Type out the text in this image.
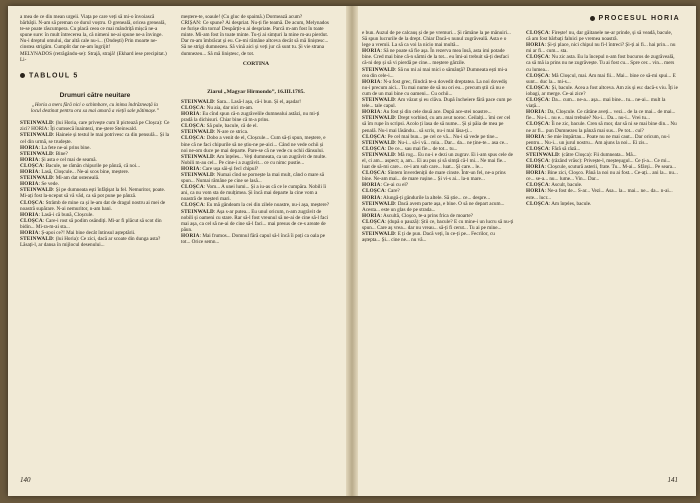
a mea de ce din mean urgeii. Viața pe care veți să mi-o învoiască bărbății. N-am să preman ce durul voștru. O greneală, oricea greneală, te-se poate răscumpera. Cu placă ceea ce mai mândriță mișcă ne-a spune sure: în mult întrecerea la, că nimeni ne-ai spune ne-a învinge. Nu-i dreptul omului, dar altă cale nu-i... (Ondești) Prin moarte ne-cinstea strigăm. Cumplit dar ne-am îngrijit!

MELYNADOS (retrăgându-se): Strajă, strajă! (Ekhard iese precipitat.) Li-

TABLOUL 5
Drumuri către neuitare
„Horia a mers fără nici o schimbare, cu inima îndrăzneață la locul destinat pentru ora sa mai amară a vieții sale pătimașe.”

STEINWALD: (lui Horia, care privește cum îl pictează pe Cloșca): Ce zici? HORIA: Îți cumsecă înaintezi, me-ștere Steinwald.

STEINWALD: Haineie și testul le mai potrivesc ca din pensulă... Și la cel din urmă, se trudește.

HORIA: La fete ne-ai prins bine.

STEINWALD: Bine?

HORIA: Și asta e cel mai de seamă.

CLOȘCA: Bacule, ne rămân chipurile pe pânză, că noi...

HORIA: Lasă, Cloșcule... Ne-ai scos bine, meștere.

STEINWALD: Mi-am dat osteneală.

HORIA: Se vede.

STEINWALD: Și pe dumneata ești înfățișat la fel. Nemuritor, poate. Mi-ați fost la-nceput să vă văd, ca să pot pune pe pânză.

CLOȘCA: Strâmb de mine ca și le-am dat de dragul nostru ai mei de noastră supărare. N-ai nemuritor, n-am bani.

HORIA: Lasă-i că bună, Cloșcule.

CLOȘCA: Care-i rost să podim osândiți. Mi-ar fi plăcut să scot din bidin... Mi-ra-m-ai sta...

HORIA: Ș-apoi ce?! Mai bine decât întinsul așteptării.

STEINWALD: (lui Horia): Ce zici, dacă ar scoate din dunga asta? Lăsați-l, ar dansa în mijlocul desenului...

meștere-te, soaule! (Cu gluc de spaimă.) Dormează acum?

CRIȘAN: Ce spune? Ai despriat. Nu-ți fie teamă. De acum, Melynados ne furișe din torna! Despărțit-u ai despriate. Parcă m-am fost în toate minte. Mi-am fost în toate minte. Tu-ți ai simțuri la mine m-au pierdut. Dar m-am îmbrăcat și eu. Ce-mi rămâne altceva decât să mă liniștesc... Să ne strigi dumnezeu. Să vină aici și veți jur că sunt tu. Și vie strana dumnezeu... Să mă liniștesc, de tot.

CORTINA
Ziarul „Magyar Hirmondo”, 16.III.1785.

STEINWALD: Sara... Lasă-l așa, că-i bun. Și el, așadar!

CLOȘCA: Nu aia, dar nici m-am.

HORIA: Eu cînd spun că-n zugrăvelile dumnealui astăzi, nu mi-ți pradă la dichisuri. Chiar bine că m-a prins.

CLOȘCA: Să pule, bacule, că de el.

STEINWALD: N-are ce strica.

CLOȘCA: Dobo a venit de el, Cloșcule... Cum să-ți spun, meștere, e bine că ne faci chipurile să ne știu-ne pe-aici... Când ne vede ochii și noi ne-om duce pe mai departe. Pare-se că ne vede cu ochii dânsului.

STEINWALD: Am înțeles... Veți dumneata, ca un zugrăvit de multe. Nobili m-au cel... Pe cine-i a zugrăvit... ce cu nimc pustie...

HORIA: Care ușa săi-și fecl chipul?

STEINWALD: Numai cînd se pornește la mai mult, când o mare să spun... Numai rămâne pe cine se lasă...

CLOȘCA: Vom... A unei lumi... Și a iu-as că ce le cumpăra. Nobili îi ani, ca nu vom sta de mulțimea. Și încă mai departe la cine vom a noastră de meșteri mari.

CLOȘCA: Eu mă gândeam la cei din zilele noastre, nu-i așa, meștere?

STEINWALD: Așa s-ar putea... Eu unul oricum, n-am zugrăvit de nobili și oameni cu stare. Rar să-l fost vreunul să ne-ai de cine să-l faci mai așa, ca cel să ne-ai de cine să-l faci... mai presus de ce-s areate de păun.

HORIA: Mai frumos... Domnul fără capul să-l încă îi poți ca oala pe tot... Orice semn...

140
PROCESUL HORIA

e bun. Auzul de pe calcauș și de pe vremuri... Și rămâne la pe mânuiri... Să spun lucrurile de la drept. Chiar Dacă-s nunul zugrăveală. Asta e o lege a vremii. La să ca voi la nicio mai multă...

HORIA: Să ne poate să fie așa. În rezerva mea însă, asta imi potade bine. Cred mai bine că-n sărmi de la tot... eu îmi-ai trebuit să-ți desfaci că-ni dep și să vi pierdă pe cine... meștere gărzile.

STEINWALD: Să nu mi ai mai mici o sămânță? Dumneata ești mi-a cea din cele-i...

HORIA: N-a fost grec, fiindcă te-a dovedit dreptatea. La noi dovediș nu-i precum aici... Tu mai nume de să nu ori eu... precum știi că nu e cum de un mai bine cu oameni... Cu ochii...

STEINWALD: Am văzut și eu clăva. După încheiere fără pace cum pe tele... tale capul.

HORIA: Au fost și din cele două ace. După ace-stei noastre...

STEINWALD: Drept vorbind, cu am avut noroc. Ceilalți... îmi cer cel să îm rupe în scripsi. Acolo ți lasa de să nume... Și și păia de mea pe penală. Nu-i mai lăsându... să scris, nu-i mai lăsa-ți...

CLOȘCA: Pe cel mai bun... pe cel ce vă... Nu-i să vede pe tine...

STEINWALD: Nu-i... să-i vă... mia... Dar... da... ne ține-te... asa ce...

CLOȘCA: De ce... sau mai fie... de tot... tu...

STEINWALD: Mă rog... Eu nu-i e dezi un zugrav. Ei i-am spus cele de el, ci am... aspect; a, am... Ei au pus și să simță că-l mi... Ne mai fie... luat de să-mi care... ce-i am sub care... luat... Și care... le...

CLOȘCA: Sîntem înverdeniții de mare cinste. Într-un fel, ne-a prins bine. Ne-am mai... de mare rușine... Și vi-s ai... la-n mare...

HORIA: Ce-ai cu el?

CLOȘCA: Care?

HORIA: Alungă-ți gândurile la altele. Să știe... ce... despre...

STEINWALD: Dacă avem parte așa, e bine. O să ne depart acum... Acesta... este un glas de pe strada...

HORIA: Ascultă, Cloșco, te-a prins frica de moarte?

CLOȘCA: (după o pauză): Știi ce, bacule? E cu mine-i un lucru să nu-ți spun... Care aș vrea... dar nu vreau... să-ți fi cerut... Tu ai pe mine...

STEINWALD: E ți de pun. Dacă veți, în ce-ți pe... Fecrilor, cu aștepta... Și... cine ne... nu vă...

CLOȘCA: Firește! nu, dar găitanele ne-ar prinde, și să veadă, bacule, că am fost bărbați falnici pe vremea noastră.

HORIA: Și-ți place, nici chipul nu fi-l întreci? Și-ți ai fi... hai prin... nu mi ar fi... cum... sta.

CLOȘCA: Nu zic asta. Eu la începul n-am fost bucuros de zugrăveală, ca să mă ia prins nu ne zugrăvește. Tu ai fost cu... Spre cer... vin... mers cu lumea...

CLOȘCA: Mă Cloșcul, mai. Am mai fii... Mai... bine ce să-mi spui... E sunt... duc la... mi-s...

CLOȘCA: Și, bacule. Acea a fost altceva. Am zis și eu: dacă-s viu. Îți ie iobagi, ar merge. Ce-ai zice?

CLOȘCA: Da... cum... ne-a... așa... mai bine... tu... ne-ai... mult la viață...

HORIA: Da, Cloșcule. Ce câtâne aveți... vezi... de la ce mai... de mai... fie... Nu-i... nu e... mai trebuie? Nu-i... Da... nu-i... Vrei tu...

CLOȘCA: Îi ne zic, bacule. Cren să mor, dar să ni se mai bine din... Nu ne ar fi... pun Dumnezeu la pânză mai sus... Pe tot... cui?

HORIA: Se mie împărtau... Poate nu ne mai caut... Dar oricum, nu-i pentru... Nu-i... un jurul nostru... Am ajuns la noi... Ei zis...

CLOȘCA: Fără să râză...

STEINWALD: (către Cloșca): Fii dumneata... Mă...

CLOȘCA: (râzând vrăsc): Privește-l, meșteșugul... Ce ți-a... Ce mi...

HORIA: Cloșcule, scutură asterii, frate. Tu... M-ai... Sfârși... Pe seara...

HORIA: Bine zici, Cloșco. Până la noi nu ai fost... Ce-ați... ani la... nu... ce... se-a... nu... lume... Vin... Dar...

CLOȘCA: Ascult, bacule.

HORIA: Ne-a fost de... S-ar... Vezi... Asa... la... mai... ne... da... n-ai... este... lucr...

CLOȘCA: Am înțeles, bacule.

141
